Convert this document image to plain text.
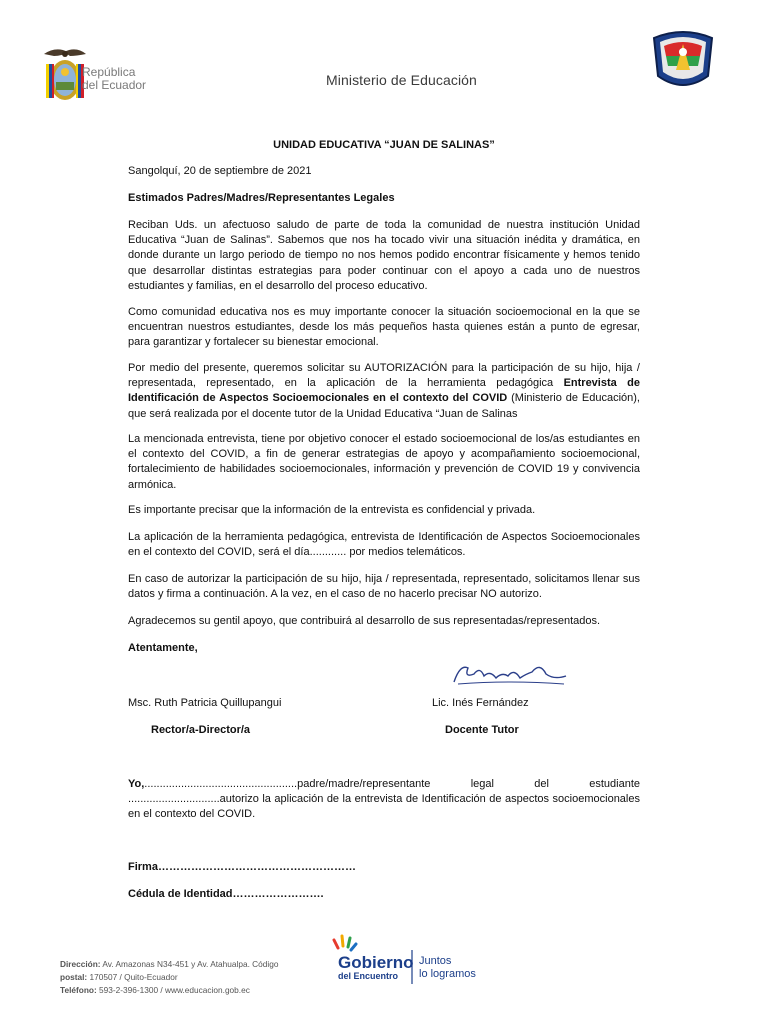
República
del Ecuador	Ministerio de Educación
UNIDAD EDUCATIVA “JUAN DE SALINAS”
Sangolquí, 20 de septiembre de 2021
Estimados Padres/Madres/Representantes Legales
Reciban Uds. un afectuoso saludo de parte de toda la comunidad de nuestra institución Unidad Educativa “Juan de Salinas”. Sabemos que nos ha tocado vivir una situación inédita y dramática, en donde durante un largo periodo de tiempo no nos hemos podido encontrar físicamente y hemos tenido que desarrollar distintas estrategias para poder continuar con el apoyo a cada uno de nuestros estudiantes y familias, en el desarrollo del proceso educativo.
Como comunidad educativa nos es muy importante conocer la situación socioemocional en la que se encuentran nuestros estudiantes, desde los más pequeños hasta quienes están a punto de egresar, para garantizar y fortalecer su bienestar emocional.
Por medio del presente, queremos solicitar su AUTORIZACIÓN para la participación de su hijo, hija / representada, representado, en la aplicación de la herramienta pedagógica Entrevista de Identificación de Aspectos Socioemocionales en el contexto del COVID (Ministerio de Educación), que será realizada por el docente tutor de la Unidad Educativa “Juan de Salinas
La mencionada entrevista, tiene por objetivo conocer el estado socioemocional de los/as estudiantes en el contexto del COVID, a fin de generar estrategias de apoyo y acompañamiento socioemocional, fortalecimiento de habilidades socioemocionales, información y prevención de COVID 19 y convivencia armónica.
Es importante precisar que la información de la entrevista es confidencial y privada.
La aplicación de la herramienta pedagógica, entrevista de Identificación de Aspectos Socioemocionales en el contexto del COVID, será el día............ por medios telemáticos.
En caso de autorizar la participación de su hijo, hija / representada, representado, solicitamos llenar sus datos y firma a continuación. A la vez, en el caso de no hacerlo precisar NO autorizo.
Agradecemos su gentil apoyo, que contribuirá al desarrollo de sus representadas/representados.
Atentamente,
Msc. Ruth Patricia Quillupangui	Lic. Inés Fernández
Rector/a-Director/a	Docente Tutor
Yo,..................................................padre/madre/representante legal del estudiante ..............................autorizo la aplicación de la entrevista de Identificación de aspectos socioemocionales en el contexto del COVID.
Firma………………………………………………
Cédula de Identidad…………………….
Dirección: Av. Amazonas N34-451 y Av. Atahualpa. Código
postal: 170507 / Quito-Ecuador
Teléfono: 593-2-396-1300 / www.educacion.gob.ec
Gobierno
del Encuentro
Juntos
lo logramos
